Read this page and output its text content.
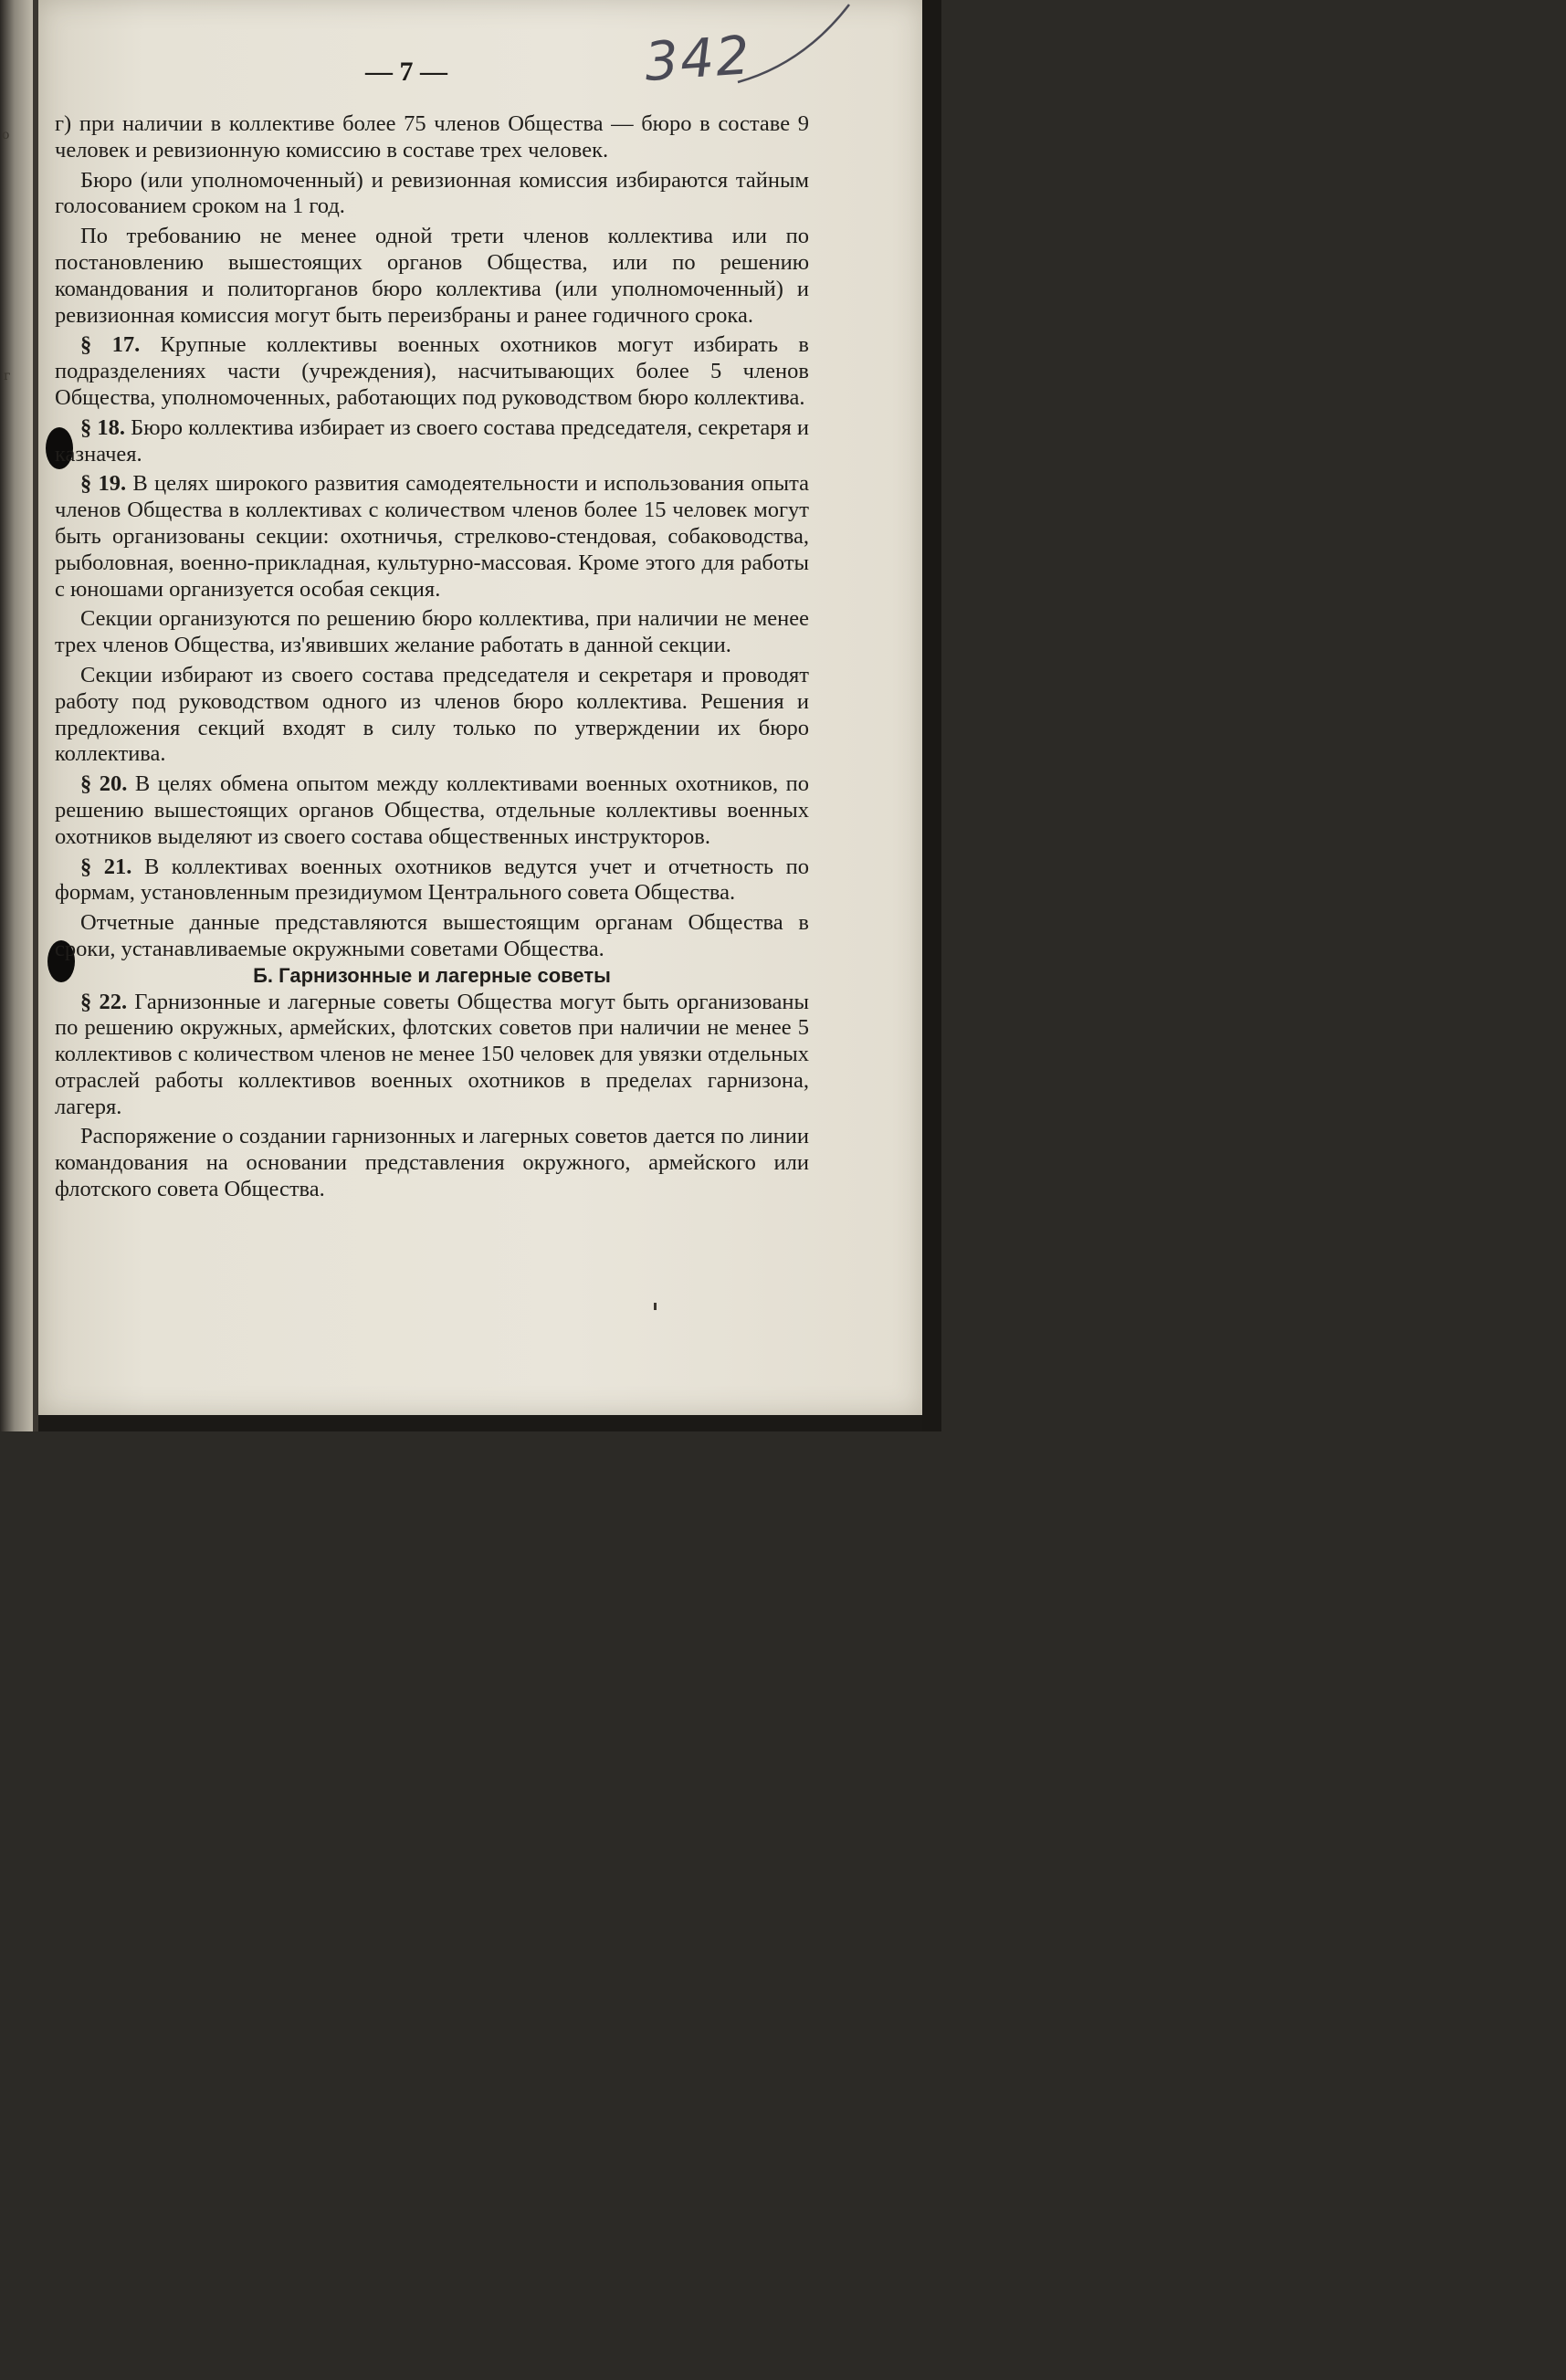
о
г
— 7 —	342

г) при наличии в коллективе более 75 членов Общества — бюро в составе 9 человек и ревизионную комиссию в составе трех человек.

Бюро (или уполномоченный) и ревизионная комиссия избираются тайным голосованием сроком на 1 год.

По требованию не менее одной трети членов коллектива или по постановлению вышестоящих органов Общества, или по решению командования и политорганов бюро коллектива (или уполномоченный) и ревизионная комиссия могут быть переизбраны и ранее годичного срока.

§ 17. Крупные коллективы военных охотников могут избирать в подразделениях части (учреждения), насчитывающих более 5 членов Общества, уполномоченных, работающих под руководством бюро коллектива.

§ 18. Бюро коллектива избирает из своего состава председателя, секретаря и казначея.

§ 19. В целях широкого развития самодеятельности и использования опыта членов Общества в коллективах с количеством членов более 15 человек могут быть организованы секции: охотничья, стрелково-стендовая, собаководства, рыболовная, военно-прикладная, культурно-массовая. Кроме этого для работы с юношами организуется особая секция.

Секции организуются по решению бюро коллектива, при наличии не менее трех членов Общества, из'явивших желание работать в данной секции.

Секции избирают из своего состава председателя и секретаря и проводят работу под руководством одного из членов бюро коллектива. Решения и предложения секций входят в силу только по утверждении их бюро коллектива.

§ 20. В целях обмена опытом между коллективами военных охотников, по решению вышестоящих органов Общества, отдельные коллективы военных охотников выделяют из своего состава общественных инструкторов.

§ 21. В коллективах военных охотников ведутся учет и отчетность по формам, установленным президиумом Центрального совета Общества.

Отчетные данные представляются вышестоящим органам Общества в сроки, устанавливаемые окружными советами Общества.

Б. Гарнизонные и лагерные советы

§ 22. Гарнизонные и лагерные советы Общества могут быть организованы по решению окружных, армейских, флотских советов при наличии не менее 5 коллективов с количеством членов не менее 150 человек для увязки отдельных отраслей работы коллективов военных охотников в пределах гарнизона, лагеря.

Распоряжение о создании гарнизонных и лагерных советов дается по линии командования на основании представления окружного, армейского или флотского совета Общества.
